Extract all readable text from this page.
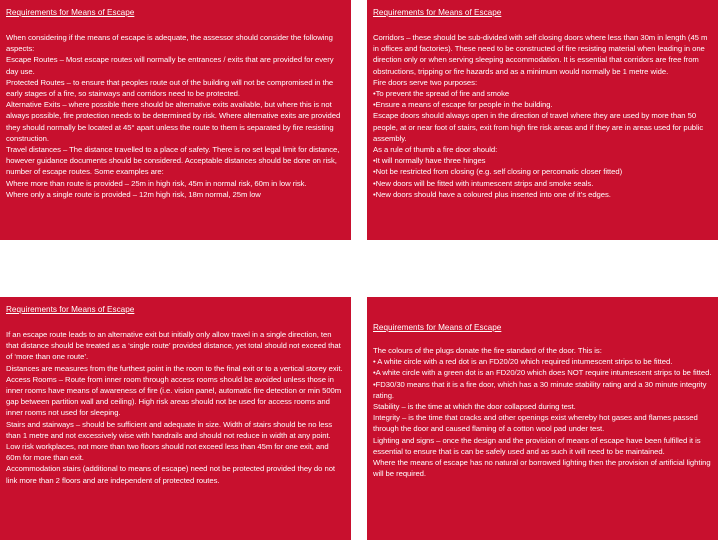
Requirements for Means of Escape
When considering if the means of escape is adequate, the assessor should consider the following aspects:
Escape Routes – Most escape routes will normally be entrances / exits that are provided for every day use.
Protected Routes – to ensure that peoples route out of the building will not be compromised in the early stages of a fire, so stairways and corridors need to be protected.
Alternative Exits – where possible there should be alternative exits available, but where this is not always possible, fire protection needs to be determined by risk. Where alternative exits are provided they should normally be located at 45° apart unless the route to them is separated by fire resisting construction.
Travel distances – The distance travelled to a place of safety. There is no set legal limit for distance, however guidance documents should be considered. Acceptable distances should be done on risk, number of escape routes. Some examples are:
Where more than route is provided – 25m in high risk, 45m in normal risk, 60m in low risk.
Where only a single route is provided – 12m high risk, 18m normal, 25m low
Requirements for Means of Escape
Corridors – these should be sub-divided with self closing doors where less than 30m in length (45 m in offices and factories). These need to be constructed of fire resisting material when leading in one direction only or when serving sleeping accommodation. It is essential that corridors are free from obstructions, tripping or fire hazards and as a minimum would normally be 1 metre wide.
Fire doors serve two purposes:
•To prevent the spread of fire and smoke
•Ensure a means of escape for people in the building.
Escape doors should always open in the direction of travel where they are used by more than 50 people, at or near foot of stairs, exit from high fire risk areas and if they are in areas used for public assembly.
As a rule of thumb a fire door should:
•It will normally have three hinges
•Not be restricted from closing (e.g. self closing or percomatic closer fitted)
•New doors will be fitted with intumescent strips and smoke seals.
•New doors should have a coloured plus inserted into one of it’s edges.
Requirements for Means of Escape
If an escape route leads to an alternative exit but initially only allow travel in a single direction, ten that distance should be treated as a ‘single route’ provided distance, yet total should not exceed that of ‘more than one route’.
Distances are measures from the furthest point in the room to the final exit or to a vertical storey exit.
Access Rooms – Route from inner room through access rooms should be avoided unless those in inner rooms have means of awareness of fire (i.e. vision panel, automatic fire detection or min 500m gap between partition wall and ceiling). High risk areas should not be used for access rooms and inner rooms not used for sleeping.
Stairs and stairways – should be sufficient and adequate in size. Width of stairs should be no less than 1 metre and not excessively wise with handrails and should not reduce in width at any point.
Low risk workplaces, not more than two floors should not exceed less than 45m for one exit, and 60m for more than exit.
Accommodation stairs (additional to means of escape) need not be protected provided they do not link more than 2 floors and are independent of protected routes.
Requirements for Means of Escape
The colours of the plugs donate the fire standard of the door. This is:
• A white circle with a red dot is an FD20/20 which required intumescent strips to be fitted.
•A white circle with a green dot is an FD20/20 which does NOT require intumescent strips to be fitted.
•FD30/30 means that it is a fire door, which has a 30 minute stability rating and a 30 minute integrity rating.
Stability – is the time at which the door collapsed during test.
Integrity – is the time that cracks and other openings exist whereby hot gases and flames passed through the door and caused flaming of a cotton wool pad under test.
Lighting and signs – once the design and the provision of means of escape have been fulfilled it is essential to ensure that is can be safely used and as such it will need to be maintained.
Where the means of escape has no natural or borrowed lighting then the provision of artificial lighting will be required.
